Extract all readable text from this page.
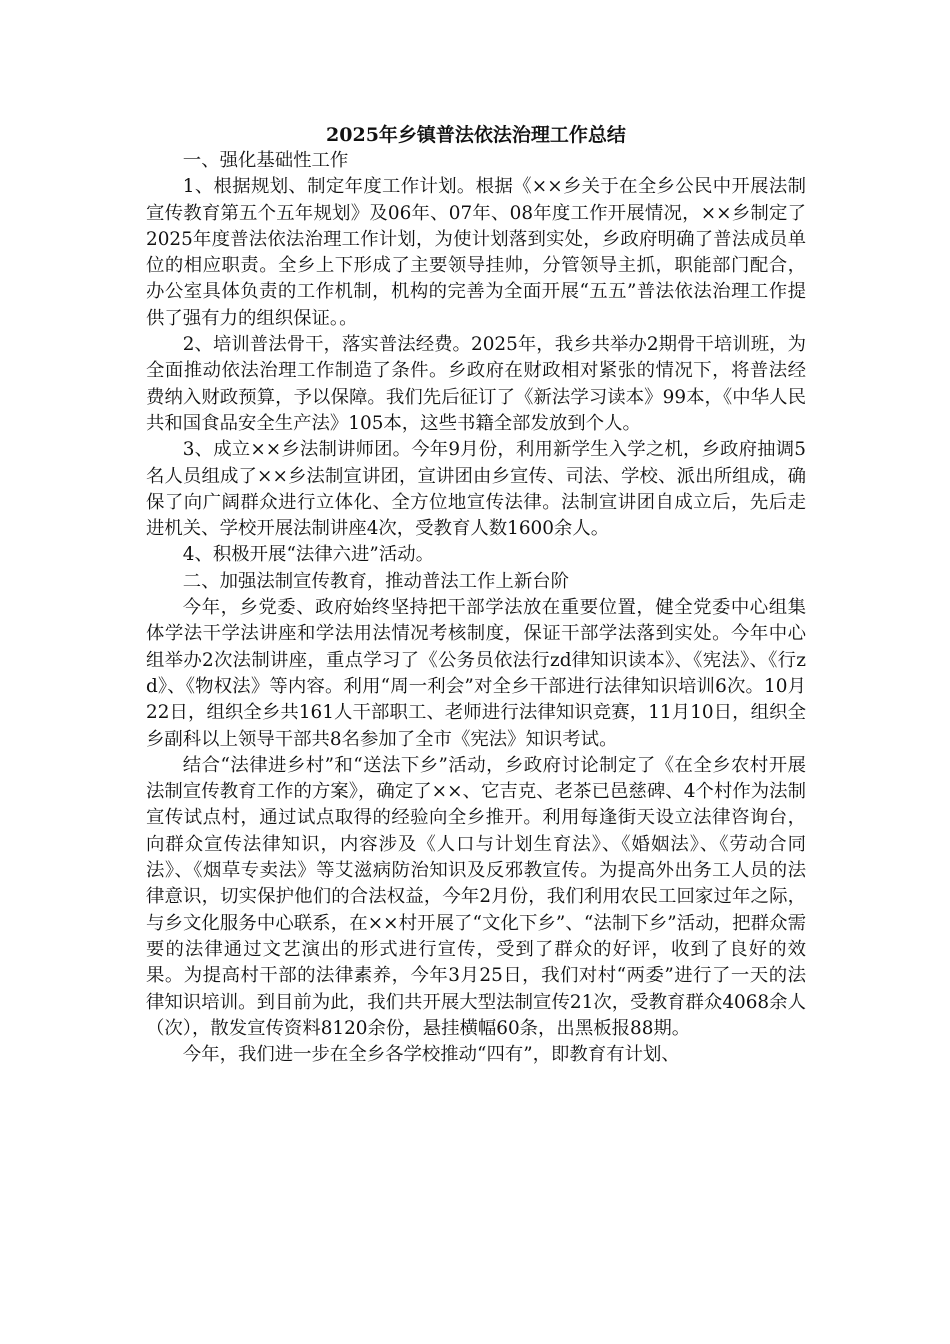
2025年乡镇普法依法治理工作总结

一、强化基础性工作

1、根据规划、制定年度工作计划。根据《××乡关于在全乡公民中开展法制宣传教育第五个五年规划》及06年、07年、08年度工作开展情况，××乡制定了2025年度普法依法治理工作计划，为使计划落到实处，乡政府明确了普法成员单位的相应职责。全乡上下形成了主要领导挂帅，分管领导主抓，职能部门配合，办公室具体负责的工作机制，机构的完善为全面开展“五五”普法依法治理工作提供了强有力的组织保证。。

2、培训普法骨干，落实普法经费。2025年，我乡共举办2期骨干培训班，为全面推动依法治理工作制造了条件。乡政府在财政相对紧张的情况下，将普法经费纳入财政预算，予以保障。我们先后征订了《新法学习读本》99本，《中华人民共和国食品安全生产法》105本，这些书籍全部发放到个人。

3、成立××乡法制讲师团。今年9月份，利用新学生入学之机，乡政府抽调5名人员组成了××乡法制宣讲团，宣讲团由乡宣传、司法、学校、派出所组成，确保了向广阔群众进行立体化、全方位地宣传法律。法制宣讲团自成立后，先后走进机关、学校开展法制讲座4次，受教育人数1600余人。

4、积极开展“法律六进”活动。

二、加强法制宣传教育，推动普法工作上新台阶

今年，乡党委、政府始终坚持把干部学法放在重要位置，健全党委中心组集体学法干学法讲座和学法用法情况考核制度，保证干部学法落到实处。今年中心组举办2次法制讲座，重点学习了《公务员依法行zd律知识读本》、《宪法》、《行zd》、《物权法》等内容。利用“周一利会”对全乡干部进行法律知识培训6次。10月22日，组织全乡共161人干部职工、老师进行法律知识竞赛，11月10日，组织全乡副科以上领导干部共8名参加了全市《宪法》知识考试。

结合“法律进乡村”和“送法下乡”活动，乡政府讨论制定了《在全乡农村开展法制宣传教育工作的方案》，确定了××、它吉克、老茶已邑慈碑、4个村作为法制宣传试点村，通过试点取得的经验向全乡推开。利用每逢街天设立法律咨询台，向群众宣传法律知识，内容涉及《人口与计划生育法》、《婚姻法》、《劳动合同法》、《烟草专卖法》等艾滋病防治知识及反邪教宣传。为提高外出务工人员的法律意识，切实保护他们的合法权益，今年2月份，我们利用农民工回家过年之际，与乡文化服务中心联系，在××村开展了“文化下乡”、“法制下乡”活动，把群众需要的法律通过文艺演出的形式进行宣传，受到了群众的好评，收到了良好的效果。为提高村干部的法律素养，今年3月25日，我们对村“两委”进行了一天的法律知识培训。到目前为此，我们共开展大型法制宣传21次，受教育群众4068余人（次），散发宣传资料8120余份，悬挂横幅60条，出黑板报88期。

今年，我们进一步在全乡各学校推动“四有”，即教育有计划、
